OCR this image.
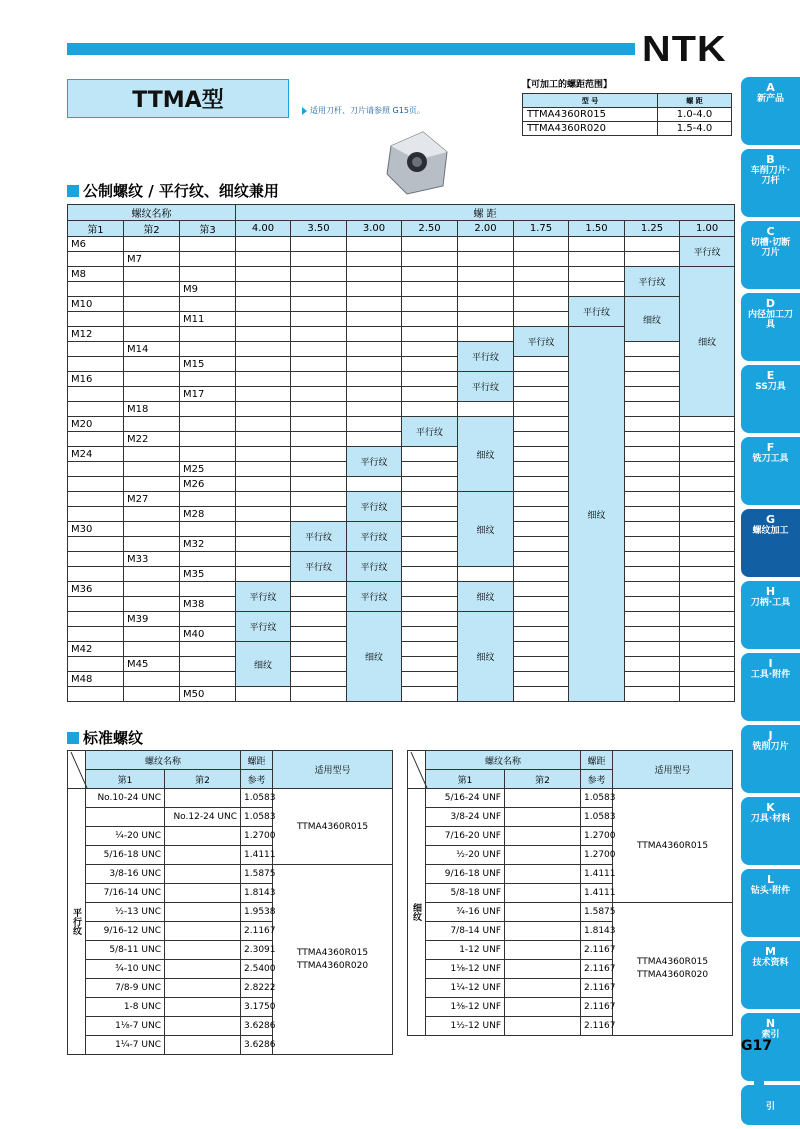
NTK
TTMA型	适用刀杆、刀片请参照 G15页。
【可加工的螺距范围】
型 号	螺 距
TTMA4360R015	1.0-4.0
TTMA4360R020	1.5-4.0
公制螺纹 / 平行纹、细纹兼用
螺纹名称			螺 距								
第1	第2	第3	4.00	3.50	3.00	2.50	2.00	1.75	1.50	1.25	1.00
M6											平行纹
	M7										
M8										平行纹	细纹
		M9									
M10									平行纹	细纹	
		M11									
M12								平行纹	细纹		
	M14						平行纹				
		M15									
M16							平行纹				
		M17									
	M18										
M20						平行纹	细纹				
	M22										
M24					平行纹						
		M25									
		M26									
	M27				平行纹		细纹				
		M28									
M30				平行纹	平行纹						
		M32									
	M33			平行纹	平行纹						
		M35									
M36			平行纹		平行纹		细纹				
		M38									
	M39		平行纹		细纹		细纹				
		M40									
M42			细纹								
	M45										
M48											
		M50									
标准螺纹
	螺纹名称		螺距	适用型号
	第1	第2	参考	
平行纹	No.10-24 UNC		1.0583	TTMA4360R015
		No.12-24 UNC	1.0583	
	¼-20 UNC		1.2700	
	5/16-18 UNC		1.4111	
	3/8-16 UNC		1.5875	TTMA4360R015
TTMA4360R020

	7/16-14 UNC		1.8143	
	½-13 UNC		1.9538	
	9/16-12 UNC		2.1167	
	5/8-11 UNC		2.3091	
	¾-10 UNC		2.5400	
	7/8-9 UNC		2.8222	
	1-8 UNC		3.1750	
	1⅛-7 UNC		3.6286	
	1¼-7 UNC		3.6286	
	螺纹名称		螺距	适用型号
	第1	第2	参考	
细纹	5/16-24 UNF		1.0583	TTMA4360R015
	3/8-24 UNF		1.0583	
	7/16-20 UNF		1.2700	
	½-20 UNF		1.2700	
	9/16-18 UNF		1.4111	
	5/8-18 UNF		1.4111	
	¾-16 UNF		1.5875	TTMA4360R015
TTMA4360R020

	7/8-14 UNF		1.8143	
	1-12 UNF		2.1167	
	1⅛-12 UNF		2.1167	
	1¼-12 UNF		2.1167	
	1⅜-12 UNF		2.1167	
	1½-12 UNF		2.1167	
A
新产品
B
车削刀片·刀杆
C
切槽·切断刀片
D
内径加工刀具
E
SS刀具
F
铣刀工具
G
螺纹加工
H
刀柄·工具
I
工具·附件
J
铣削刀片
K
刀具·材料
L
钻头·附件
M
技术资料
N
索引
引
G17
